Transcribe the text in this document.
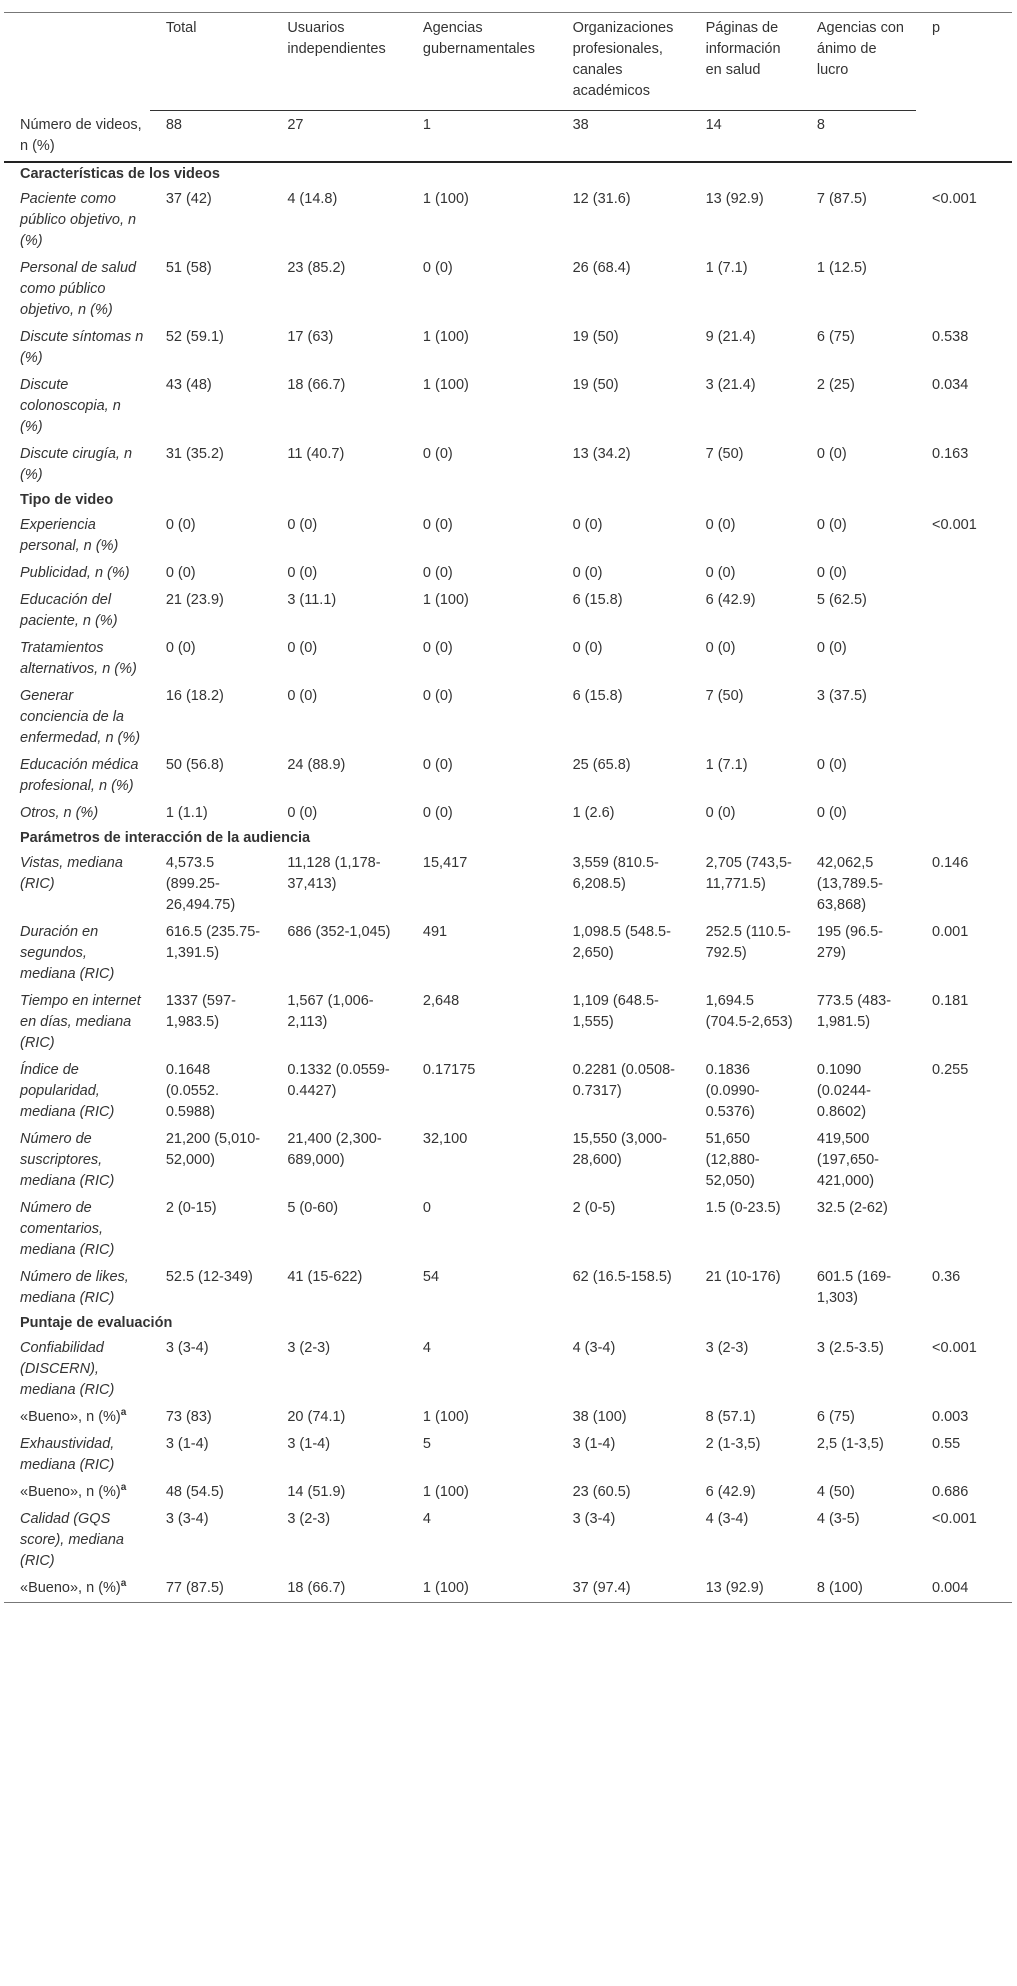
	Total	Usuarios independientes	Agencias gubernamentales	Organizaciones profesionales, canales académicos	Páginas de información en salud	Agencias con ánimo de lucro	p
Número de videos, n (%)	88	27	1	38	14	8	
Características de los videos							
Paciente como público objetivo, n (%)	37 (42)	4 (14.8)	1 (100)	12 (31.6)	13 (92.9)	7 (87.5)	<0.001
Personal de salud como público objetivo, n (%)	51 (58)	23 (85.2)	0 (0)	26 (68.4)	1 (7.1)	1 (12.5)	
Discute síntomas n (%)	52 (59.1)	17 (63)	1 (100)	19 (50)	9 (21.4)	6 (75)	0.538
Discute colonoscopia, n (%)	43 (48)	18 (66.7)	1 (100)	19 (50)	3 (21.4)	2 (25)	0.034
Discute cirugía, n (%)	31 (35.2)	11 (40.7)	0 (0)	13 (34.2)	7 (50)	0 (0)	0.163
Tipo de video							
Experiencia personal, n (%)	0 (0)	0 (0)	0 (0)	0 (0)	0 (0)	0 (0)	<0.001
Publicidad, n (%)	0 (0)	0 (0)	0 (0)	0 (0)	0 (0)	0 (0)	
Educación del paciente, n (%)	21 (23.9)	3 (11.1)	1 (100)	6 (15.8)	6 (42.9)	5 (62.5)	
Tratamientos alternativos, n (%)	0 (0)	0 (0)	0 (0)	0 (0)	0 (0)	0 (0)	
Generar conciencia de la enfermedad, n (%)	16 (18.2)	0 (0)	0 (0)	6 (15.8)	7 (50)	3 (37.5)	
Educación médica profesional, n (%)	50 (56.8)	24 (88.9)	0 (0)	25 (65.8)	1 (7.1)	0 (0)	
Otros, n (%)	1 (1.1)	0 (0)	0 (0)	1 (2.6)	0 (0)	0 (0)	
Parámetros de interacción de la audiencia							
Vistas, mediana (RIC)	4,573.5 (899.25-26,494.75)	11,128 (1,178-37,413)	15,417	3,559 (810.5-6,208.5)	2,705 (743,5-11,771.5)	42,062,5 (13,789.5-63,868)	0.146
Duración en segundos, mediana (RIC)	616.5 (235.75-1,391.5)	686 (352-1,045)	491	1,098.5 (548.5-2,650)	252.5 (110.5-792.5)	195 (96.5-279)	0.001
Tiempo en internet en días, mediana (RIC)	1337 (597-1,983.5)	1,567 (1,006-2,113)	2,648	1,109 (648.5-1,555)	1,694.5 (704.5-2,653)	773.5 (483-1,981.5)	0.181
Índice de popularidad, mediana (RIC)	0.1648 (0.0552. 0.5988)	0.1332 (0.0559-0.4427)	0.17175	0.2281 (0.0508-0.7317)	0.1836 (0.0990-0.5376)	0.1090 (0.0244-0.8602)	0.255
Número de suscriptores, mediana (RIC)	21,200 (5,010-52,000)	21,400 (2,300-689,000)	32,100	15,550 (3,000-28,600)	51,650 (12,880-52,050)	419,500 (197,650-421,000)	
Número de comentarios, mediana (RIC)	2 (0-15)	5 (0-60)	0	2 (0-5)	1.5 (0-23.5)	32.5 (2-62)	
Número de likes, mediana (RIC)	52.5 (12-349)	41 (15-622)	54	62 (16.5-158.5)	21 (10-176)	601.5 (169-1,303)	0.36
Puntaje de evaluación							
Confiabilidad (DISCERN), mediana (RIC)	3 (3-4)	3 (2-3)	4	4 (3-4)	3 (2-3)	3 (2.5-3.5)	<0.001
«Bueno», n (%)$^a$	73 (83)	20 (74.1)	1 (100)	38 (100)	8 (57.1)	6 (75)	0.003
Exhaustividad, mediana (RIC)	3 (1-4)	3 (1-4)	5	3 (1-4)	2 (1-3,5)	2,5 (1-3,5)	0.55
«Bueno», n (%)$^a$	48 (54.5)	14 (51.9)	1 (100)	23 (60.5)	6 (42.9)	4 (50)	0.686
Calidad (GQS score), mediana (RIC)	3 (3-4)	3 (2-3)	4	3 (3-4)	4 (3-4)	4 (3-5)	<0.001
«Bueno», n (%)$^a$	77 (87.5)	18 (66.7)	1 (100)	37 (97.4)	13 (92.9)	8 (100)	0.004
